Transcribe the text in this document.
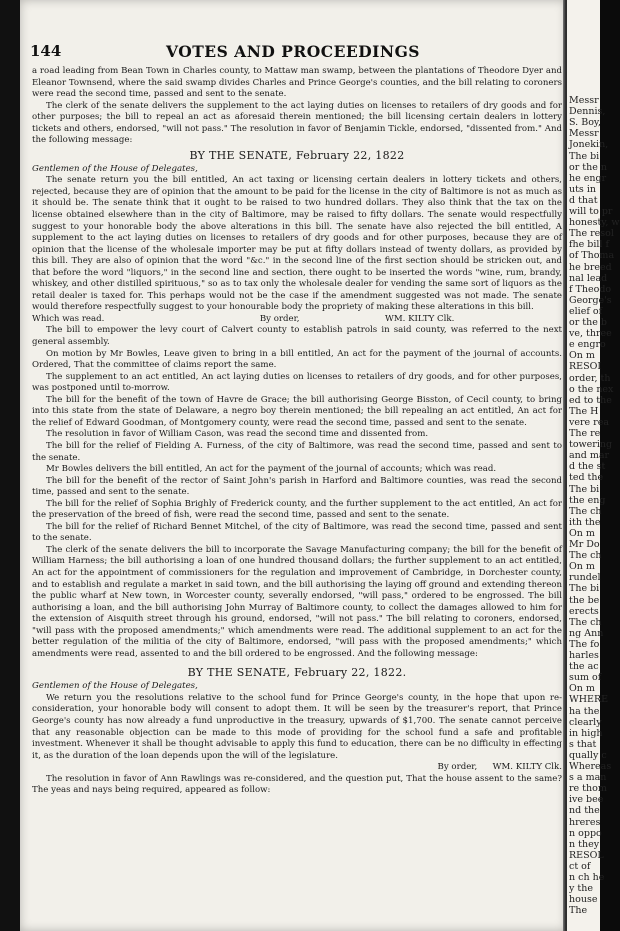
144	VOTES AND PROCEEDINGS

a road leading from Bean Town in Charles county, to Mattaw man swamp, between the plantations of Theodore Dyer and Eleanor Townsend, where the said swamp divides Charles and Prince George's counties, and the bill relating to coroners were read the second time, passed and sent to the senate.

The clerk of the senate delivers the supplement to the act laying duties on licenses to retailers of dry goods and for other purposes; the bill to repeal an act as aforesaid therein mentioned; the bill licensing certain dealers in lottery tickets and others, endorsed, "will not pass." The resolution in favor of Benjamin Tickle, endorsed, "dissented from." And the following message:

BY THE SENATE, February 22, 1822

Gentlemen of the House of Delegates,

The senate return you the bill entitled, An act taxing or licensing certain dealers in lottery tickets and others, rejected, because they are of opinion that the amount to be paid for the license in the city of Baltimore is not as much as it should be. The senate think that it ought to be raised to two hundred dollars. They also think that the tax on the license obtained elsewhere than in the city of Baltimore, may be raised to fifty dollars. The senate would respectfully suggest to your honorable body the above alterations in this bill. The senate have also rejected the bill entitled, A supplement to the act laying duties on licenses to retailers of dry goods and for other purposes, because they are of opinion that the license of the wholesale importer may be put at fifty dollars instead of twenty dollars, as provided by this bill. They are also of opinion that the word "&c." in the second line of the first section should be stricken out, and that before the word "liquors," in the second line and section, there ought to be inserted the words "wine, rum, brandy, whiskey, and other distilled spirituous," so as to tax only the wholesale dealer for vending the same sort of liquors as the retail dealer is taxed for. This perhaps would not be the case if the amendment suggested was not made. The senate would therefore respectfully suggest to your honourable body the propriety of making these alterations in this bill.

Which was read.	By order,	WM. KILTY Clk.

The bill to empower the levy court of Calvert county to establish patrols in said county, was referred to the next general assembly.

On motion by Mr Bowles, Leave given to bring in a bill entitled, An act for the payment of the journal of accounts. Ordered, That the committee of claims report the same.

The supplement to an act entitled, An act laying duties on licenses to retailers of dry goods, and for other purposes, was postponed until to-morrow.

The bill for the benefit of the town of Havre de Grace; the bill authorising George Bisston, of Cecil county, to bring into this state from the state of Delaware, a negro boy therein mentioned; the bill repealing an act entitled, An act for the relief of Edward Goodman, of Montgomery county, were read the second time, passed and sent to the senate.

The resolution in favor of William Cason, was read the second time and dissented from.

The bill for the relief of Fielding A. Furness, of the city of Baltimore, was read the second time, passed and sent to the senate.

Mr Bowles delivers the bill entitled, An act for the payment of the journal of accounts; which was read.

The bill for the benefit of the rector of Saint John's parish in Harford and Baltimore counties, was read the second time, passed and sent to the senate.

The bill for the relief of Sophia Brighly of Frederick county, and the further supplement to the act entitled, An act for the preservation of the breed of fish, were read the second time, passed and sent to the senate.

The bill for the relief of Richard Bennet Mitchel, of the city of Baltimore, was read the second time, passed and sent to the senate.

The clerk of the senate delivers the bill to incorporate the Savage Manufacturing company; the bill for the benefit of William Harness; the bill authorising a loan of one hundred thousand dollars; the further supplement to an act entitled, An act for the appointment of commissioners for the regulation and improvement of Cambridge, in Dorchester county, and to establish and regulate a market in said town, and the bill authorising the laying off ground and extending thereon the public wharf at New town, in Worcester county, severally endorsed, "will pass," ordered to be engrossed. The bill authorising a loan, and the bill authorising John Murray of Baltimore county, to collect the damages allowed to him for the extension of Aisquith street through his ground, endorsed, "will not pass." The bill relating to coroners, endorsed, "will pass with the proposed amendments;" which amendments were read. The additional supplement to an act for the better regulation of the militia of the city of Baltimore, endorsed, "will pass with the proposed amendments;" which amendments were read, assented to and the bill ordered to be engrossed. And the following message:

BY THE SENATE, February 22, 1822.

Gentlemen of the House of Delegates,

We return you the resolutions relative to the school fund for Prince George's county, in the hope that upon re-consideration, your honorable body will consent to adopt them. It will be seen by the treasurer's report, that Prince George's county has now already a fund unproductive in the treasury, upwards of $1,700. The senate cannot perceive that any reasonable objection can be made to this mode of providing for the school fund a safe and profitable investment. Whenever it shall be thought advisable to apply this fund to education, there can be no difficulty in effecting it, as the duration of the loan depends upon the will of the legislature.

By order, WM. KILTY Clk.

The resolution in favor of Ann Rawlings was re-considered, and the question put, That the house assent to the same? The yeas and nays being required, appeared as follow:

Messr
Dennis,
S. Boy,
Messr
Jonekin,
The bi
or the n
he engr
uts in
d that
will to pr
honesty, w
The resol
fhe bill f
of Thoma
he breed
nal lead
f Theodo
George's
elief of
or the b
ve, three
e engro
On m
RESOI
order, th
o the nex
ed to the
The H
vere rea
The re
towering
and mar
d the st
ted the
The bi
the eng
The ch
ith the
On m
Mr Do
The ch
On m
rundel
The bi
the be
erects
The ch
ng Ann
The fo
harles
the ac
sum of
On m
WHERE
ha the
clearly
in high
s that
qually c
Whereas
s a man
re thom
ive bee
nd the
hreres
n oppo
n they
RESOL
ct of
n ch he
y the
house
The
